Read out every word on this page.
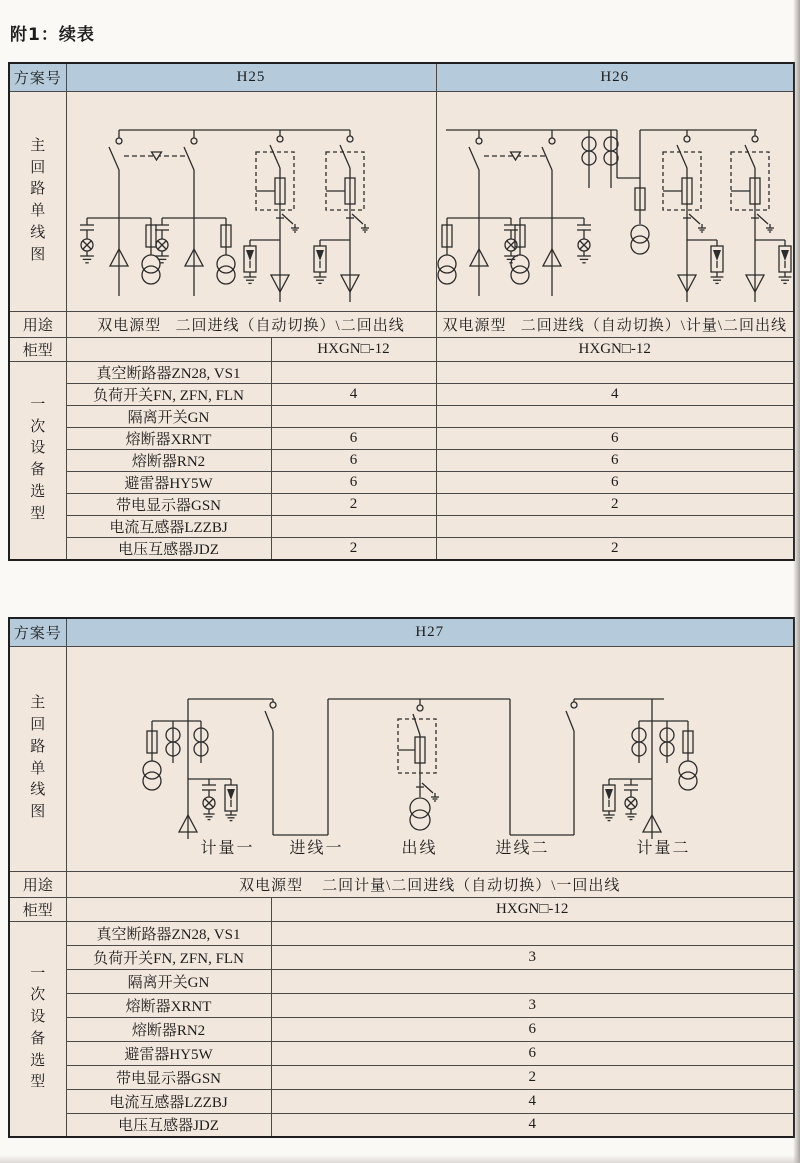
附1：续表
方案号	H25		H26

主
回
路
单
线
图

用途	双电源型   二回进线（自动切换）\二回出线		双电源型   二回进线（自动切换）\计量\二回出线
柜型		HXGN□-12	HXGN□-12

一
次
设
备
选
型
	真空断路器ZN28, VS1		
	负荷开关FN, ZFN, FLN	4	4
	隔离开关GN		
	熔断器XRNT	6	6
	熔断器RN2	6	6
	避雷器HY5W	6	6
	带电显示器GSN	2	2
	电流互感器LZZBJ		
	电压互感器JDZ	2	2
方案号	H27	

主
回
路
单
线
图

计量一 进线一	出线	进线二	计量二

用途	双电源型    二回计量\二回进线（自动切换）\一回出线	
柜型		HXGN□-12

一
次
设
备
选
型
	真空断路器ZN28, VS1	
	负荷开关FN, ZFN, FLN	3
	隔离开关GN	
	熔断器XRNT	3
	熔断器RN2	6
	避雷器HY5W	6
	带电显示器GSN	2
	电流互感器LZZBJ	4
	电压互感器JDZ	4
